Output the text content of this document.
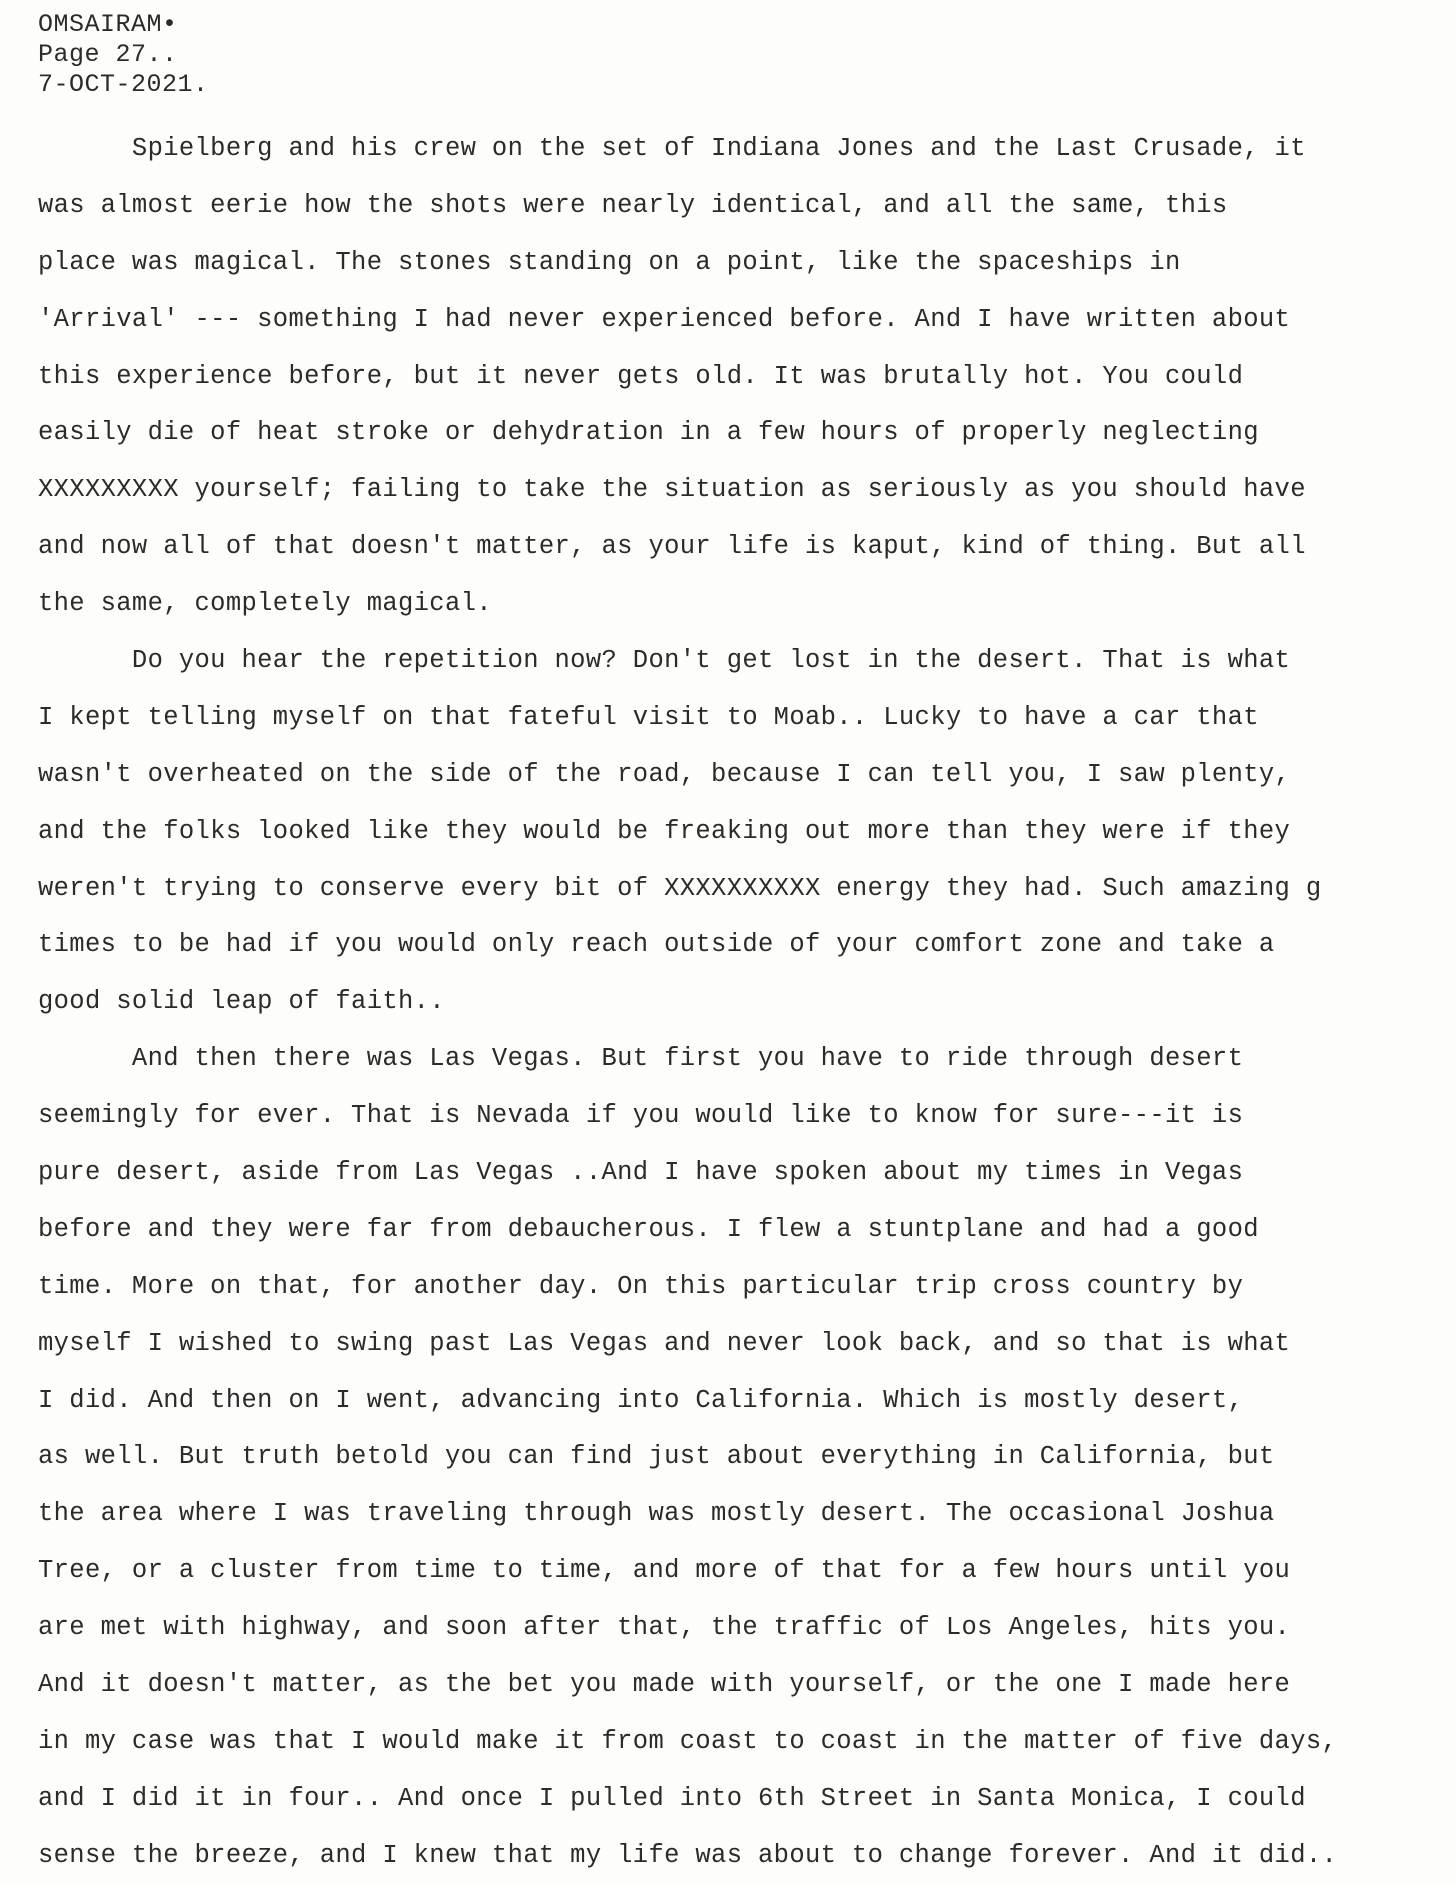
OMSAIRAM•
Page 27..
7-OCT-2021.
Spielberg and his crew on the set of Indiana Jones and the Last Crusade, it
was almost eerie how the shots were nearly identical, and all the same, this
place was magical. The stones standing on a point, like the spaceships in
'Arrival' --- something I had never experienced before. And I have written about
this experience before, but it never gets old. It was brutally hot. You could
easily die of heat stroke or dehydration in a few hours of properly neglecting
XXXXXXXXX yourself; failing to take the situation as seriously as you should have
and now all of that doesn't matter, as your life is kaput, kind of thing. But all
the same, completely magical.
Do you hear the repetition now? Don't get lost in the desert. That is what
I kept telling myself on that fateful visit to Moab.. Lucky to have a car that
wasn't overheated on the side of the road, because I can tell you, I saw plenty,
and the folks looked like they would be freaking out more than they were if they
weren't trying to conserve every bit of XXXXXXXXXX energy they had. Such amazing g
times to be had if you would only reach outside of your comfort zone and take a
good solid leap of faith..
And then there was Las Vegas. But first you have to ride through desert
seemingly for ever. That is Nevada if you would like to know for sure---it is
pure desert, aside from Las Vegas ..And I have spoken about my times in Vegas
before and they were far from debaucherous. I flew a stuntplane and had a good
time. More on that, for another day. On this particular trip cross country by
myself I wished to swing past Las Vegas and never look back, and so that is what
I did. And then on I went, advancing into California. Which is mostly desert,
as well. But truth betold you can find just about everything in California, but
the area where I was traveling through was mostly desert. The occasional Joshua
Tree, or a cluster from time to time, and more of that for a few hours until you
are met with highway, and soon after that, the traffic of Los Angeles, hits you.
And it doesn't matter, as the bet you made with yourself, or the one I made here
in my case was that I would make it from coast to coast in the matter of five days,
and I did it in four.. And once I pulled into 6th Street in Santa Monica, I could
sense the breeze, and I knew that my life was about to change forever. And it did..
